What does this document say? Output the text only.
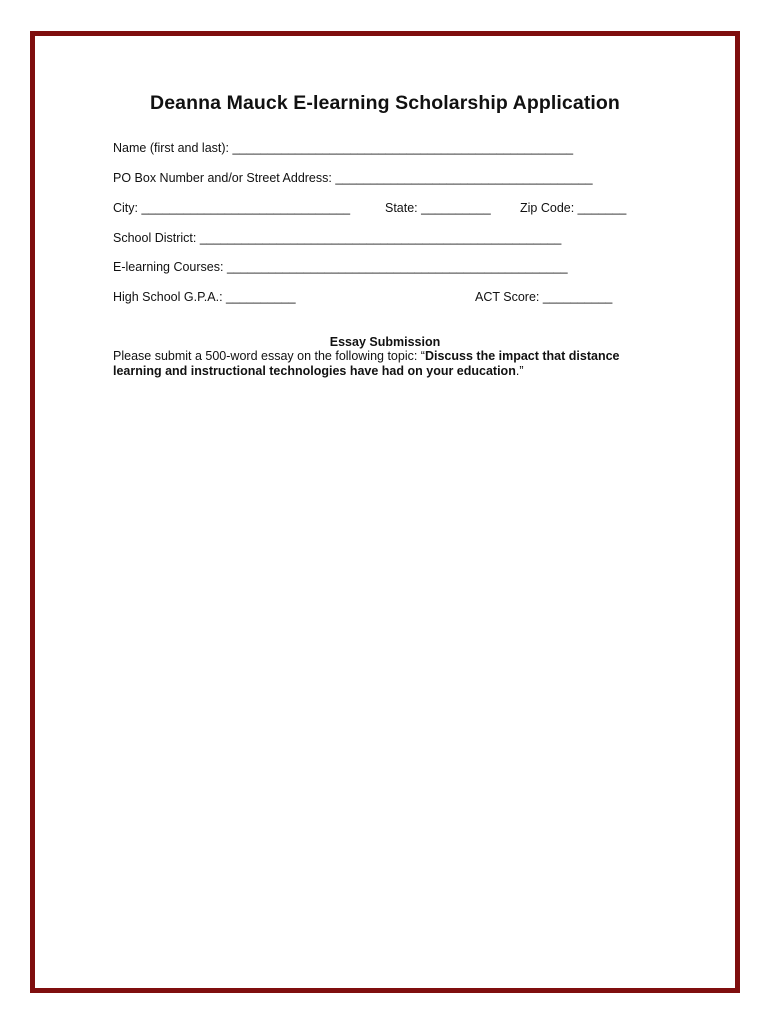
Deanna Mauck E-learning Scholarship Application
Name (first and last): _________________________________________________
PO Box Number and/or Street Address: _____________________________________
City: ______________________________	State: __________ Zip Code: _______
School District: ____________________________________________________
E-learning Courses: _________________________________________________
High School G.P.A.: __________	ACT Score: __________
Essay Submission
Please submit a 500-word essay on the following topic: “Discuss the impact that distance learning and instructional technologies have had on your education.”
